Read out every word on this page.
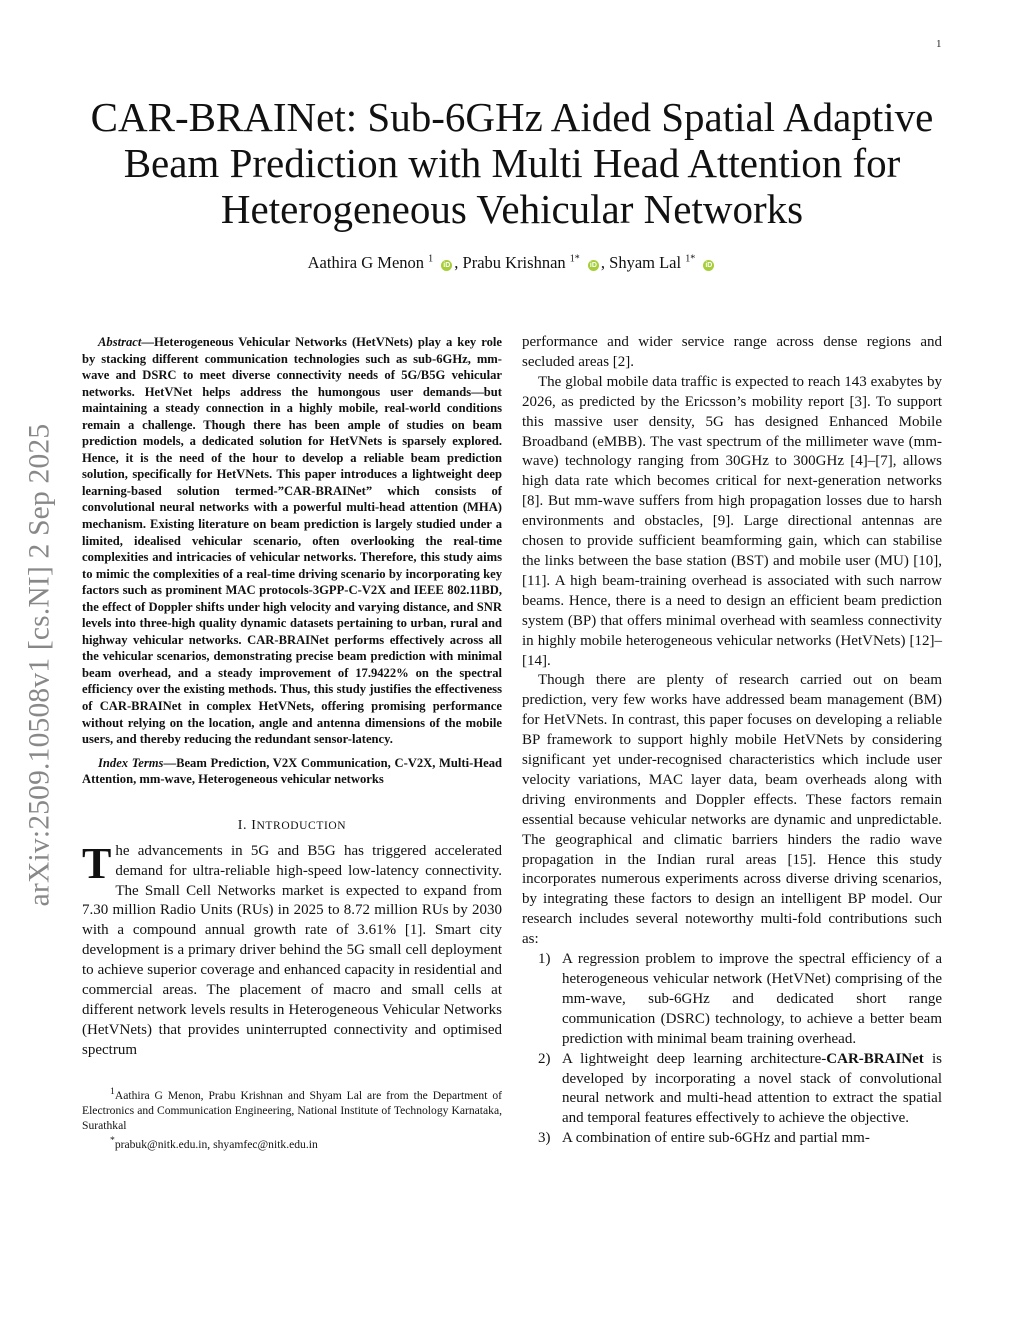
1
arXiv:2509.10508v1 [cs.NI] 2 Sep 2025
CAR-BRAINet: Sub-6GHz Aided Spatial Adaptive Beam Prediction with Multi Head Attention for Heterogeneous Vehicular Networks
Aathira G Menon $^1$ iD , Prabu Krishnan $^{1*}$ iD , Shyam Lal $^{1*}$ iD

Abstract—Heterogeneous Vehicular Networks (HetVNets) play a key role by stacking different communication technologies such as sub-6GHz, mm-wave and DSRC to meet diverse connectivity needs of 5G/B5G vehicular networks. HetVNet helps address the humongous user demands—but maintaining a steady connection in a highly mobile, real-world conditions remain a challenge. Though there has been ample of studies on beam prediction models, a dedicated solution for HetVNets is sparsely explored. Hence, it is the need of the hour to develop a reliable beam prediction solution, specifically for HetVNets. This paper introduces a lightweight deep learning-based solution termed-”CAR-BRAINet” which consists of convolutional neural networks with a powerful multi-head attention (MHA) mechanism. Existing literature on beam prediction is largely studied under a limited, idealised vehicular scenario, often overlooking the real-time complexities and intricacies of vehicular networks. Therefore, this study aims to mimic the complexities of a real-time driving scenario by incorporating key factors such as prominent MAC protocols-3GPP-C-V2X and IEEE 802.11BD, the effect of Doppler shifts under high velocity and varying distance, and SNR levels into three-high quality dynamic datasets pertaining to urban, rural and highway vehicular networks. CAR-BRAINet performs effectively across all the vehicular scenarios, demonstrating precise beam prediction with minimal beam overhead, and a steady improvement of 17.9422% on the spectral efficiency over the existing methods. Thus, this study justifies the effectiveness of CAR-BRAINet in complex HetVNets, offering promising performance without relying on the location, angle and antenna dimensions of the mobile users, and thereby reducing the redundant sensor-latency.

Index Terms—Beam Prediction, V2X Communication, C-V2X, Multi-Head Attention, mm-wave, Heterogeneous vehicular networks

I. INTRODUCTION

The advancements in 5G and B5G has triggered accelerated demand for ultra-reliable high-speed low-latency connectivity. The Small Cell Networks market is expected to expand from 7.30 million Radio Units (RUs) in 2025 to 8.72 million RUs by 2030 with a compound annual growth rate of 3.61% [1]. Smart city development is a primary driver behind the 5G small cell deployment to achieve superior coverage and enhanced capacity in residential and commercial areas. The placement of macro and small cells at different network levels results in Heterogeneous Vehicular Networks (HetVNets) that provides uninterrupted connectivity and optimised spectrum

$^1$Aathira G Menon, Prabu Krishnan and Shyam Lal are from the Department of Electronics and Communication Engineering, National Institute of Technology Karnataka, Surathkal

*prabuk@nitk.edu.in, shyamfec@nitk.edu.in

performance and wider service range across dense regions and secluded areas [2].

The global mobile data traffic is expected to reach 143 exabytes by 2026, as predicted by the Ericsson’s mobility report [3]. To support this massive user density, 5G has designed Enhanced Mobile Broadband (eMBB). The vast spectrum of the millimeter wave (mm-wave) technology ranging from 30GHz to 300GHz [4]–[7], allows high data rate which becomes critical for next-generation networks [8]. But mm-wave suffers from high propagation losses due to harsh environments and obstacles, [9]. Large directional antennas are chosen to provide sufficient beamforming gain, which can stabilise the links between the base station (BST) and mobile user (MU) [10], [11]. A high beam-training overhead is associated with such narrow beams. Hence, there is a need to design an efficient beam prediction system (BP) that offers minimal overhead with seamless connectivity in highly mobile heterogeneous vehicular networks (HetVNets) [12]–[14].

Though there are plenty of research carried out on beam prediction, very few works have addressed beam management (BM) for HetVNets. In contrast, this paper focuses on developing a reliable BP framework to support highly mobile HetVNets by considering significant yet under-recognised characteristics which include user velocity variations, MAC layer data, beam overheads along with driving environments and Doppler effects. These factors remain essential because vehicular networks are dynamic and unpredictable. The geographical and climatic barriers hinders the radio wave propagation in the Indian rural areas [15]. Hence this study incorporates numerous experiments across diverse driving scenarios, by integrating these factors to design an intelligent BP model. Our research includes several noteworthy multi-fold contributions such as:

1) A regression problem to improve the spectral efficiency of a heterogeneous vehicular network (HetVNet) comprising of the mm-wave, sub-6GHz and dedicated short range communication (DSRC) technology, to achieve a better beam prediction with minimal beam training overhead.
2) A lightweight deep learning architecture-CAR-BRAINet is developed by incorporating a novel stack of convolutional neural network and multi-head attention to extract the spatial and temporal features effectively to achieve the objective.
3) A combination of entire sub-6GHz and partial mm-
